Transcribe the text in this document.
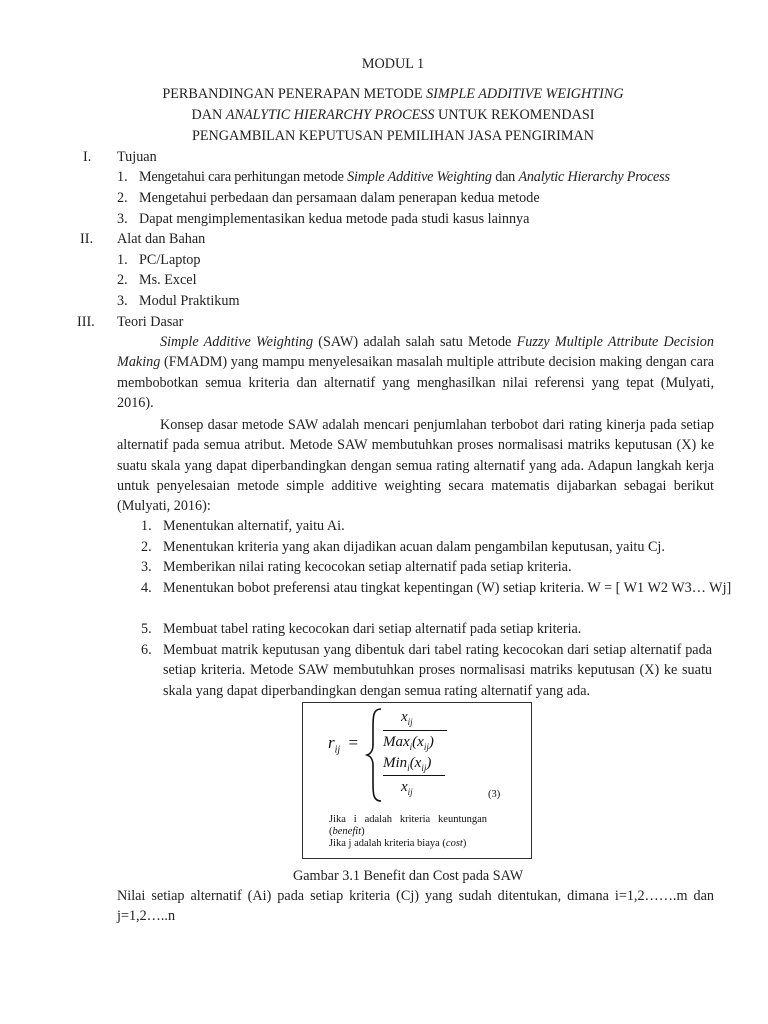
MODUL 1
PERBANDINGAN PENERAPAN METODE SIMPLE ADDITIVE WEIGHTING
DAN ANALYTIC HIERARCHY PROCESS UNTUK REKOMENDASI
PENGAMBILAN KEPUTUSAN PEMILIHAN JASA PENGIRIMAN
I. Tujuan
1. Mengetahui cara perhitungan metode Simple Additive Weighting dan Analytic Hierarchy Process
2. Mengetahui perbedaan dan persamaan dalam penerapan kedua metode
3. Dapat mengimplementasikan kedua metode pada studi kasus lainnya
II. Alat dan Bahan
1. PC/Laptop
2. Ms. Excel
3. Modul Praktikum
III. Teori Dasar
Simple Additive Weighting (SAW) adalah salah satu Metode Fuzzy Multiple Attribute Decision Making (FMADM) yang mampu menyelesaikan masalah multiple attribute decision making dengan cara membobotkan semua kriteria dan alternatif yang menghasilkan nilai referensi yang tepat (Mulyati, 2016).
Konsep dasar metode SAW adalah mencari penjumlahan terbobot dari rating kinerja pada setiap alternatif pada semua atribut. Metode SAW membutuhkan proses normalisasi matriks keputusan (X) ke suatu skala yang dapat diperbandingkan dengan semua rating alternatif yang ada. Adapun langkah kerja untuk penyelesaian metode simple additive weighting secara matematis dijabarkan sebagai berikut (Mulyati, 2016):
1. Menentukan alternatif, yaitu Ai.
2. Menentukan kriteria yang akan dijadikan acuan dalam pengambilan keputusan, yaitu Cj.
3. Memberikan nilai rating kecocokan setiap alternatif pada setiap kriteria.
4. Menentukan bobot preferensi atau tingkat kepentingan (W) setiap kriteria. W = [ W1 W2 W3… Wj]
5. Membuat tabel rating kecocokan dari setiap alternatif pada setiap kriteria.
6. Membuat matrik keputusan yang dibentuk dari tabel rating kecocokan dari setiap alternatif pada setiap kriteria. Metode SAW membutuhkan proses normalisasi matriks keputusan (X) ke suatu skala yang dapat diperbandingkan dengan semua rating alternatif yang ada.
$r_{ij}$ =
$x_{ij}$
$Max_i(x_{ij})$
$Min_i(x_{ij})$
$x_{ij}$	(3)
Jika   i   adalah   kriteria   keuntungan
(benefit)
Jika j adalah kriteria biaya (cost)
Gambar 3.1 Benefit dan Cost pada SAW
Nilai setiap alternatif (Ai) pada setiap kriteria (Cj) yang sudah ditentukan, dimana i=1,2…….m dan j=1,2…..n
